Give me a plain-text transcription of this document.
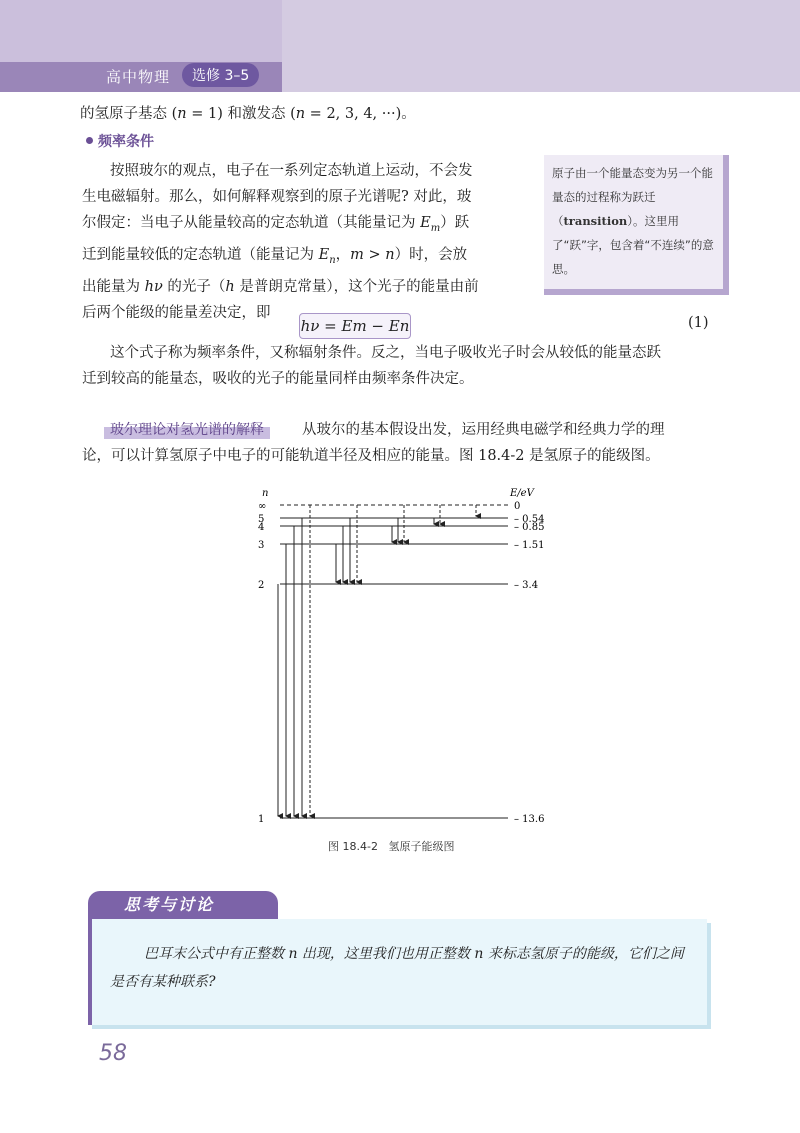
高中物理	选修 3–5
的氢原子基态 (n = 1) 和激发态 (n = 2, 3, 4, ···)。
频率条件
按照玻尔的观点，电子在一系列定态轨道上运动，不会发
生电磁辐射。那么，如何解释观察到的原子光谱呢? 对此，玻
尔假定：当电子从能量较高的定态轨道（其能量记为 $E_m$）跃
迁到能量较低的定态轨道（能量记为 $E_n$，m > n）时，会放
出能量为 hν 的光子（h 是普朗克常量），这个光子的能量由前
后两个能级的能量差决定，即
原子由一个能量态变为另一个能量态的过程称为跃迁（transition）。这里用了“跃”字，包含着“不连续”的意思。
hν = Em − En	(1)
这个式子称为频率条件，又称辐射条件。反之，当电子吸收光子时会从较低的能量态跃
迁到较高的能量态，吸收的光子的能量同样由频率条件决定。
从玻尔的基本假设出发，运用经典电磁学和经典力学的理
论，可以计算氢原子中电子的可能轨道半径及相应的能量。图 18.4-2 是氢原子的能级图。
玻尔理论对氢光谱的解释
n	E/eV
∞	0
5	– 0.54
4	– 0.85
3	– 1.51
2	– 3.4
1	– 13.6
图 18.4-2 氢原子能级图
思考与讨论
巴耳末公式中有正整数 n 出现，这里我们也用正整数 n 来标志氢原子的能级，它们之间是否有某种联系?
58
